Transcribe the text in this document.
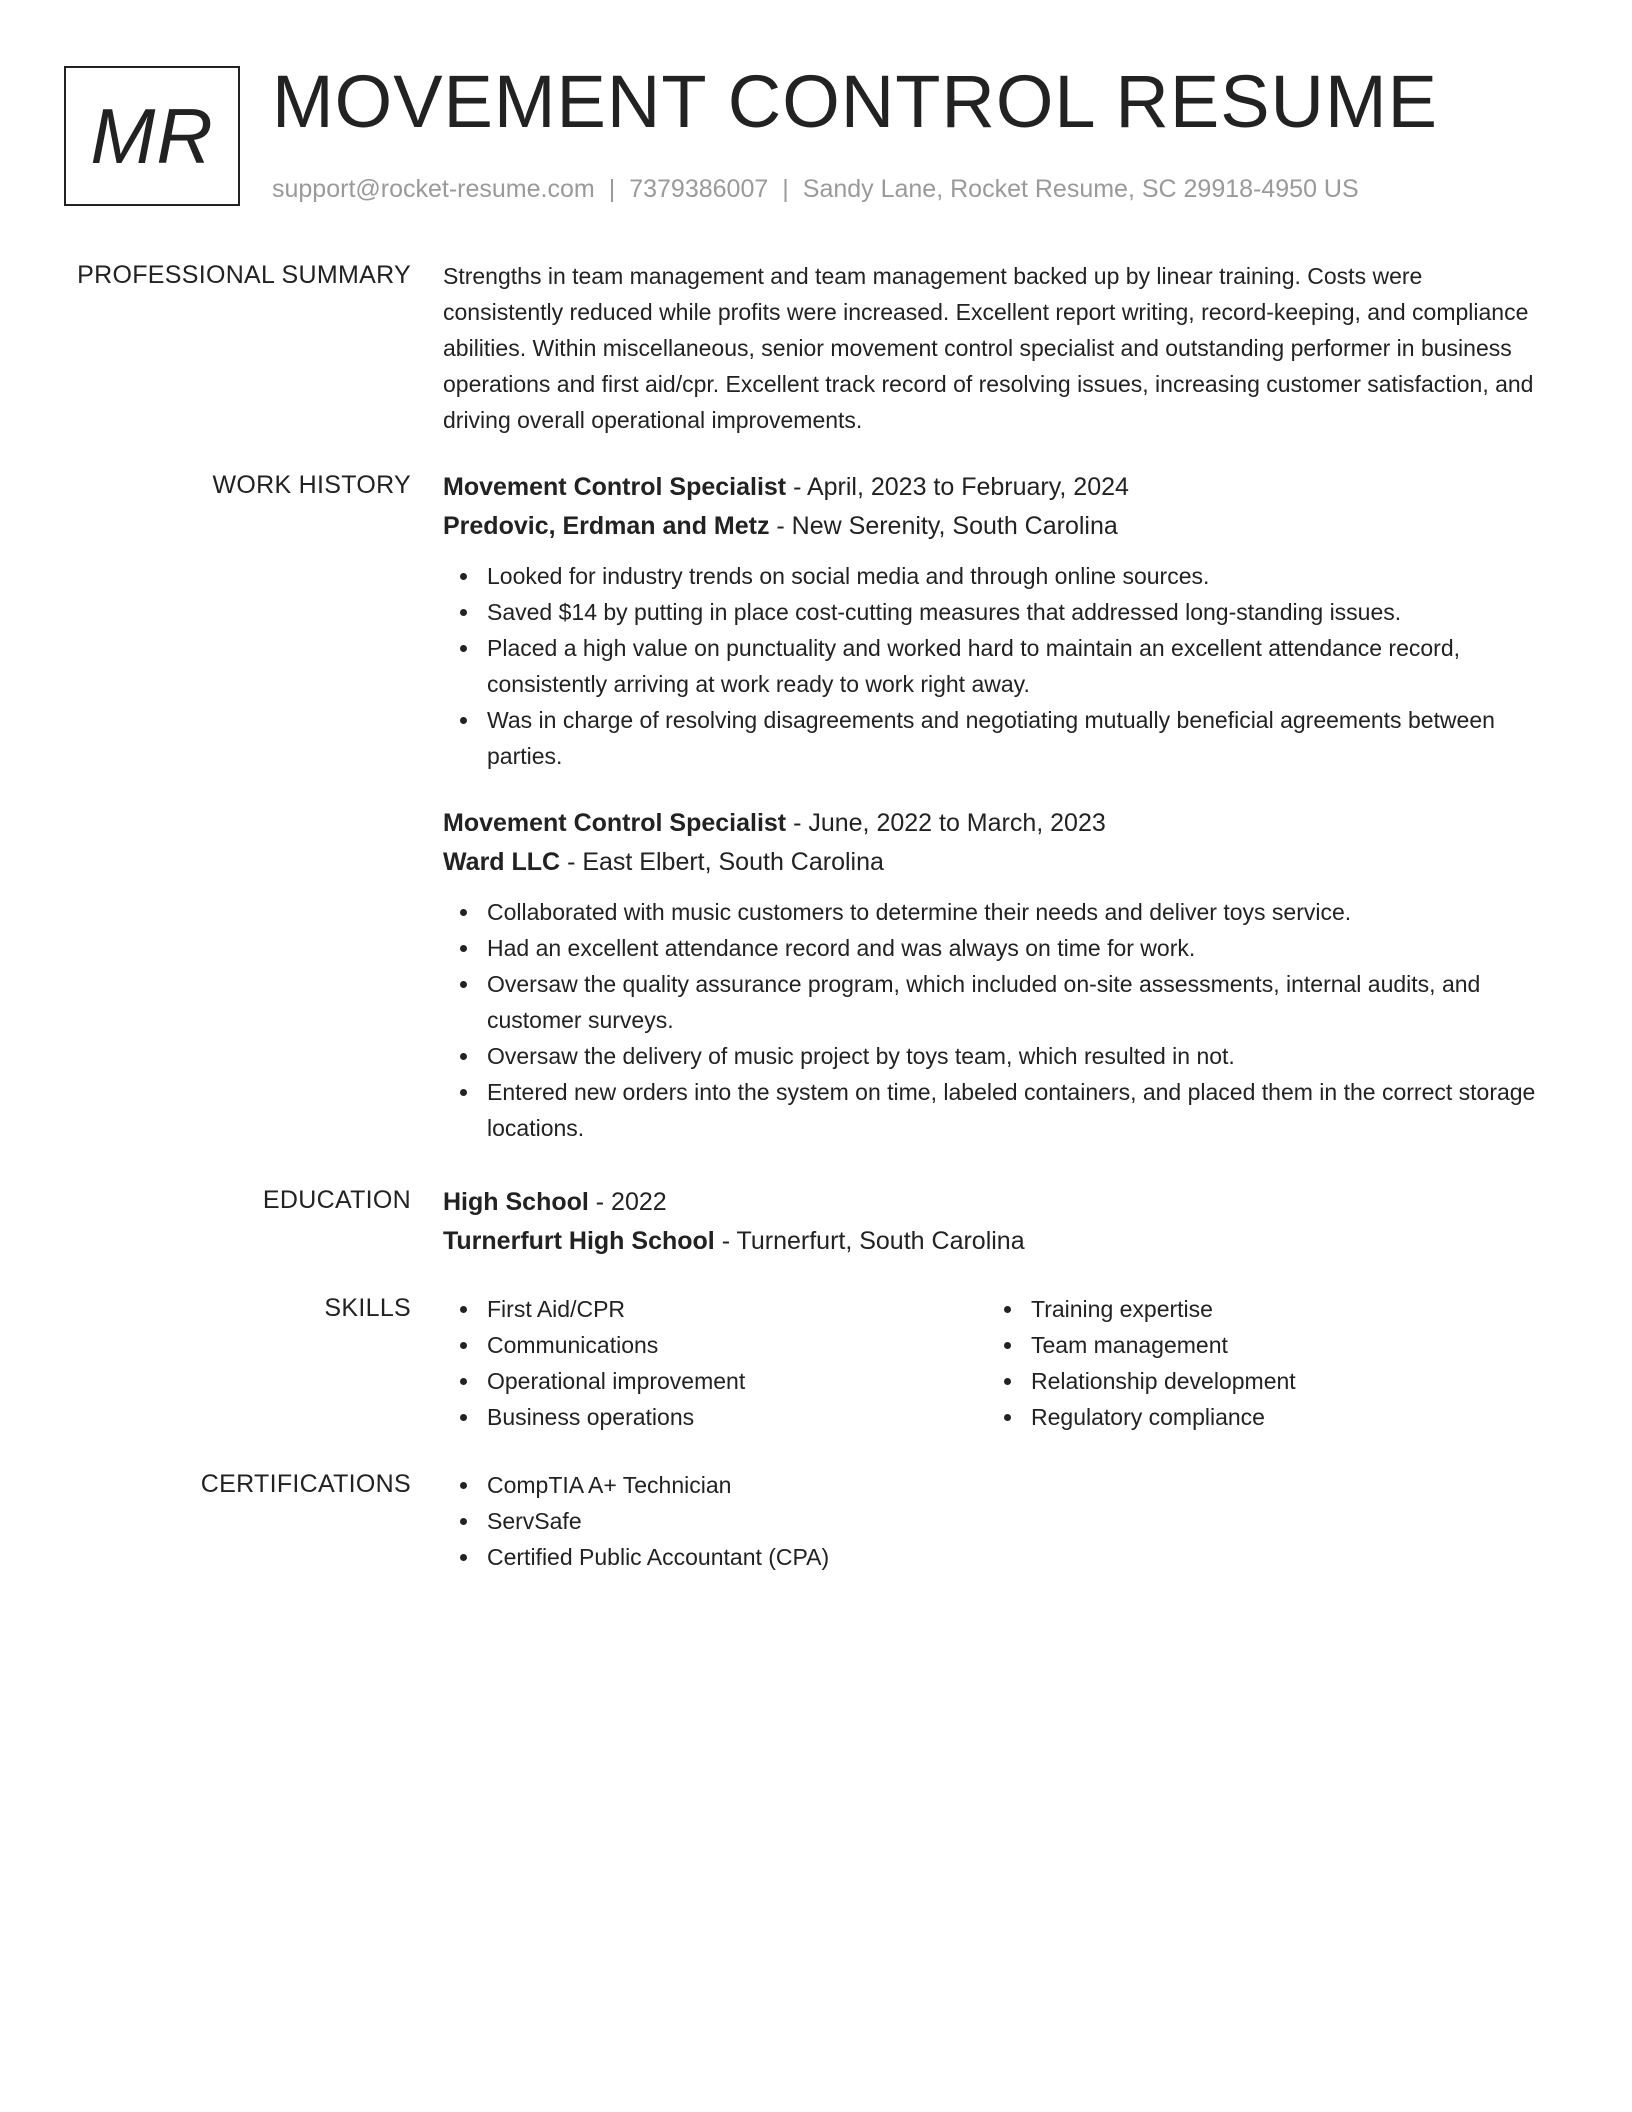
MR MOVEMENT CONTROL RESUME
support@rocket-resume.com | 7379386007 | Sandy Lane, Rocket Resume, SC 29918-4950 US
PROFESSIONAL SUMMARY Strengths in team management and team management backed up by linear training. Costs were consistently reduced while profits were increased. Excellent report writing, record-keeping, and compliance abilities. Within miscellaneous, senior movement control specialist and outstanding performer in business operations and first aid/cpr. Excellent track record of resolving issues, increasing customer satisfaction, and driving overall operational improvements.

WORK HISTORY Movement Control Specialist - April, 2023 to February, 2024

Predovic, Erdman and Metz - New Serenity, South Carolina

Looked for industry trends on social media and through online sources.
Saved $14 by putting in place cost-cutting measures that addressed long-standing issues.
Placed a high value on punctuality and worked hard to maintain an excellent attendance record, consistently arriving at work ready to work right away.
Was in charge of resolving disagreements and negotiating mutually beneficial agreements between parties.

Movement Control Specialist - June, 2022 to March, 2023

Ward LLC - East Elbert, South Carolina

Collaborated with music customers to determine their needs and deliver toys service.
Had an excellent attendance record and was always on time for work.
Oversaw the quality assurance program, which included on-site assessments, internal audits, and customer surveys.
Oversaw the delivery of music project by toys team, which resulted in not.
Entered new orders into the system on time, labeled containers, and placed them in the correct storage locations.
EDUCATION High School - 2022

Turnerfurt High School - Turnerfurt, South Carolina

SKILLS	First Aid/CPR
Communications
Operational improvement
Business operations
Training expertise
Team management
Relationship development
Regulatory compliance
CERTIFICATIONS	CompTIA A+ Technician
ServSafe
Certified Public Accountant (CPA)
